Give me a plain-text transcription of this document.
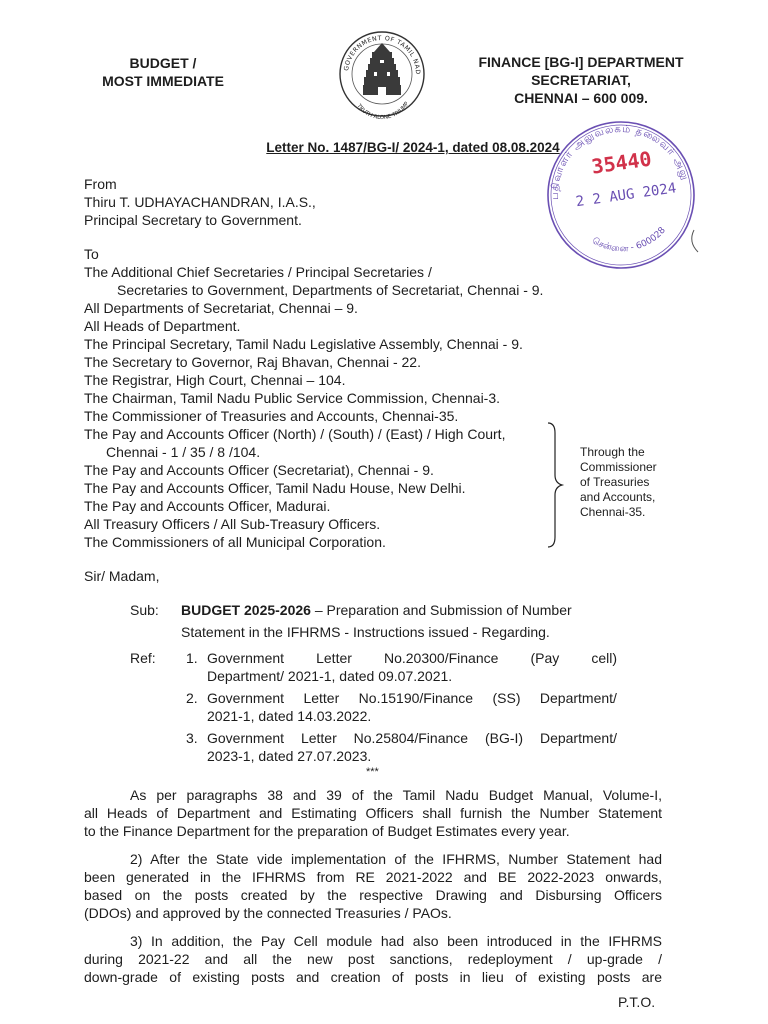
BUDGET /
MOST IMMEDIATE
GOVERNMENT OF TAMIL NAD
TRUTH ALONE TRIUMP
FINANCE [BG-I] DEPARTMENT
SECRETARIAT,
CHENNAI – 600 009.
Letter No. 1487/BG-I/ 2024-1, dated 08.08.2024
பதிவாளர் அலுவலகம் தலைவர் அலுவலகம்
35440
2 2 AUG 2024
சென்னை - 600028
From
Thiru T. UDHAYACHANDRAN, I.A.S.,
Principal Secretary to Government.
To
The Additional Chief Secretaries / Principal Secretaries /
Secretaries to Government, Departments of Secretariat, Chennai - 9.
All Departments of Secretariat, Chennai – 9.
All Heads of Department.
The Principal Secretary, Tamil Nadu Legislative Assembly, Chennai - 9.
The Secretary to Governor, Raj Bhavan, Chennai - 22.
The Registrar, High Court, Chennai – 104.
The Chairman, Tamil Nadu Public Service Commission, Chennai-3.
The Commissioner of Treasuries and Accounts, Chennai-35.
The Pay and Accounts Officer (North) / (South) / (East) / High Court,
Chennai - 1 / 35 / 8 /104.
The Pay and Accounts Officer (Secretariat), Chennai - 9.
The Pay and Accounts Officer, Tamil Nadu House, New Delhi.
The Pay and Accounts Officer, Madurai.
All Treasury Officers / All Sub-Treasury Officers.
The Commissioners of all Municipal Corporation.
Through the
Commissioner
of Treasuries
and Accounts,
Chennai-35.
Sir/ Madam,
Sub: BUDGET 2025-2026 – Preparation and Submission of Number
Statement in the IFHRMS - Instructions issued - Regarding.
Ref: 1. Government Letter No.20300/Finance (Pay cell)
Department/ 2021-1, dated 09.07.2021.
2. Government Letter No.15190/Finance (SS) Department/
2021-1, dated 14.03.2022.
3. Government Letter No.25804/Finance (BG-I) Department/
2023-1, dated 27.07.2023.
***
As per paragraphs 38 and 39 of the Tamil Nadu Budget Manual, Volume-I,
all Heads of Department and Estimating Officers shall furnish the Number Statement
to the Finance Department for the preparation of Budget Estimates every year.
2) After the State vide implementation of the IFHRMS, Number Statement had
been generated in the IFHRMS from RE 2021-2022 and BE 2022-2023 onwards,
based on the posts created by the respective Drawing and Disbursing Officers
(DDOs) and approved by the connected Treasuries / PAOs.
3) In addition, the Pay Cell module had also been introduced in the IFHRMS
during 2021-22 and all the new post sanctions, redeployment / up-grade /
down-grade of existing posts and creation of posts in lieu of existing posts are
P.T.O.
